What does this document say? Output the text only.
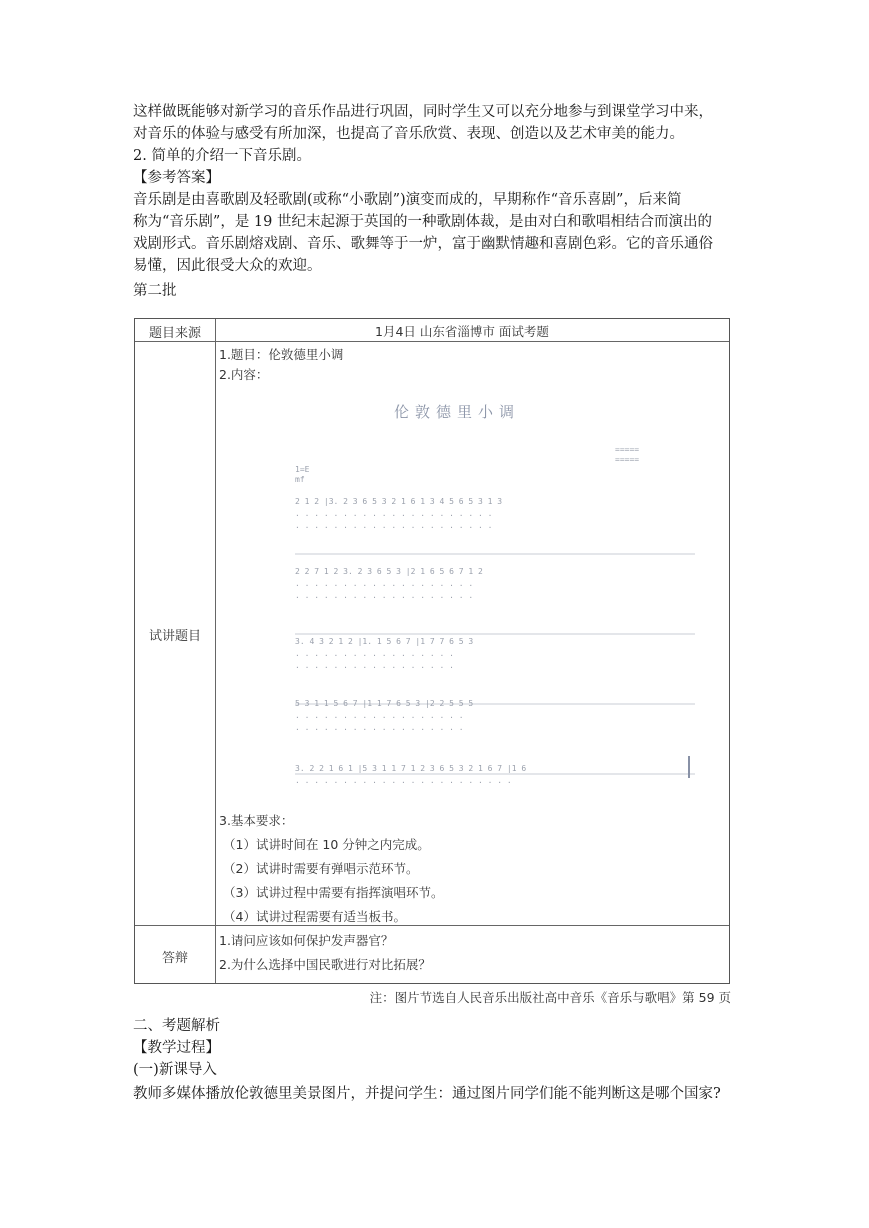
这样做既能够对新学习的音乐作品进行巩固，同时学生又可以充分地参与到课堂学习中来，
对音乐的体验与感受有所加深，也提高了音乐欣赏、表现、创造以及艺术审美的能力。
2. 简单的介绍一下音乐剧。
【参考答案】
音乐剧是由喜歌剧及轻歌剧(或称“小歌剧”)演变而成的，早期称作“音乐喜剧”，后来简
称为“音乐剧”，是 19 世纪末起源于英国的一种歌剧体裁，是由对白和歌唱相结合而演出的
戏剧形式。音乐剧熔戏剧、音乐、歌舞等于一炉，富于幽默情趣和喜剧色彩。它的音乐通俗
易懂，因此很受大众的欢迎。
第二批
题目来源	1月4日 山东省淄博市 面试考题
试讲题目
1.题目：伦敦德里小调
2.内容：
伦敦德里小调
=====
=====
1=E
mf
2 1 2 |3. 2 3 6 5 3 2 1 6 1 3 4 5 6 5 3 1 3
. . . . . . . . . . . . . . . . . . . . .
. . . . . . . . . . . . . . . . . . . . .
2 2 7 1 2 3. 2 3 6 5 3 |2 1 6 5 6 7 1 2
. . . . . . . . . . . . . . . . . . .
. . . . . . . . . . . . . . . . . . .
3. 4 3 2 1 2 |1. 1 5 6 7 |1 7 7 6 5 3
. . . . . . . . . . . . . . . . .
. . . . . . . . . . . . . . . . .
5 3 1 1 5 6 7 |1 1 7 6 5 3 |2 2 5 5 5
. . . . . . . . . . . . . . . . . .
. . . . . . . . . . . . . . . . . .
3. 2 2 1 6 1 |5 3 1 1 7 1 2 3 6 5 3 2 1 6 7 |1 6
. . . . . . . . . . . . . . . . . . . . . . .
3.基本要求：
（1）试讲时间在 10 分钟之内完成。
（2）试讲时需要有弹唱示范环节。
（3）试讲过程中需要有指挥演唱环节。
（4）试讲过程需要有适当板书。
答辩
1.请问应该如何保护发声器官？
2.为什么选择中国民歌进行对比拓展？
注：图片节选自人民音乐出版社高中音乐《音乐与歌唱》第 59 页
二、考题解析
【教学过程】
(一)新课导入
教师多媒体播放伦敦德里美景图片，并提问学生：通过图片同学们能不能判断这是哪个国家?
